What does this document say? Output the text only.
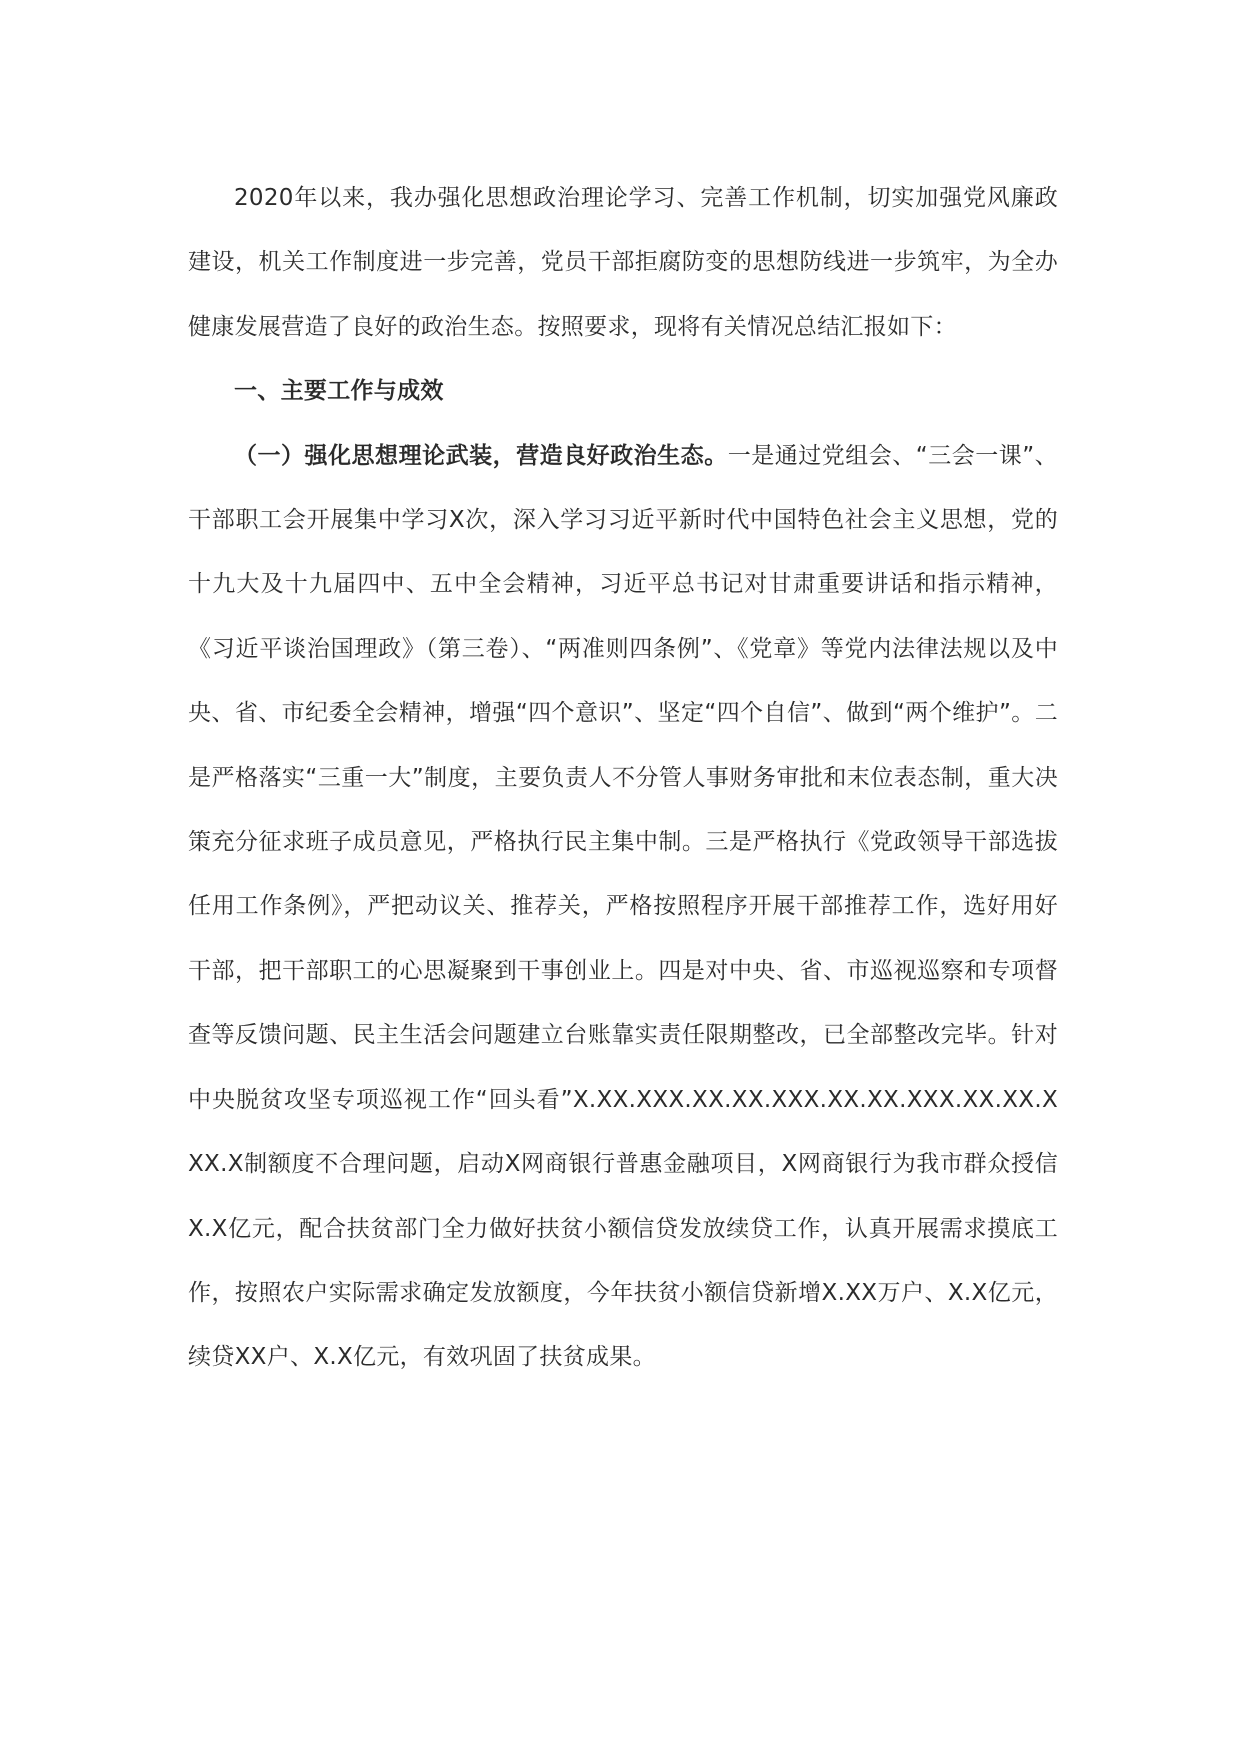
2020年以来，我办强化思想政治理论学习、完善工作机制，切实加强党风廉政建设，机关工作制度进一步完善，党员干部拒腐防变的思想防线进一步筑牢，为全办健康发展营造了良好的政治生态。按照要求，现将有关情况总结汇报如下：

一、主要工作与成效

（一）强化思想理论武装，营造良好政治生态。一是通过党组会、“三会一课”、干部职工会开展集中学习X次，深入学习习近平新时代中国特色社会主义思想，党的十九大及十九届四中、五中全会精神，习近平总书记对甘肃重要讲话和指示精神，《习近平谈治国理政》（第三卷）、“两准则四条例”、《党章》等党内法律法规以及中央、省、市纪委全会精神，增强“四个意识”、坚定“四个自信”、做到“两个维护”。二是严格落实“三重一大”制度，主要负责人不分管人事财务审批和末位表态制，重大决策充分征求班子成员意见，严格执行民主集中制。三是严格执行《党政领导干部选拔任用工作条例》，严把动议关、推荐关，严格按照程序开展干部推荐工作，选好用好干部，把干部职工的心思凝聚到干事创业上。四是对中央、省、市巡视巡察和专项督查等反馈问题、民主生活会问题建立台账靠实责任限期整改，已全部整改完毕。针对中央脱贫攻坚专项巡视工作“回头看”X.XX.XXX.XX.XX.XXX.XX.XX.XXX.XX.XX.XXX.X制额度不合理问题，启动X网商银行普惠金融项目，X网商银行为我市群众授信X.X亿元，配合扶贫部门全力做好扶贫小额信贷发放续贷工作，认真开展需求摸底工作，按照农户实际需求确定发放额度，今年扶贫小额信贷新增X.XX万户、X.X亿元，续贷XX户、X.X亿元，有效巩固了扶贫成果。
